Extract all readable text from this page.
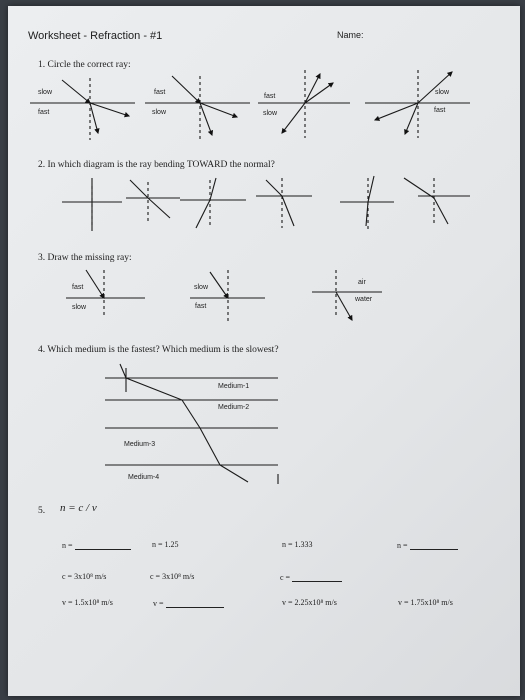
Worksheet - Refraction - #1	Name:
1. Circle the correct ray:
slow
fast
fast
slow
fast
slow
slow
fast
2. In which diagram is the ray bending TOWARD the normal?
3. Draw the missing ray:
fast
slow
slow
fast
air
water
4. Which medium is the fastest? Which medium is the slowest?
Medium-1
Medium-2
Medium-3
Medium-4
5. n = c / v
n =	n = 1.25	n = 1.333	n =
c = 3x10⁸ m/s	c = 3x10⁸ m/s	c =
v = 1.5x10⁸ m/s	v =	v = 2.25x10⁸ m/s	v = 1.75x10⁸ m/s
